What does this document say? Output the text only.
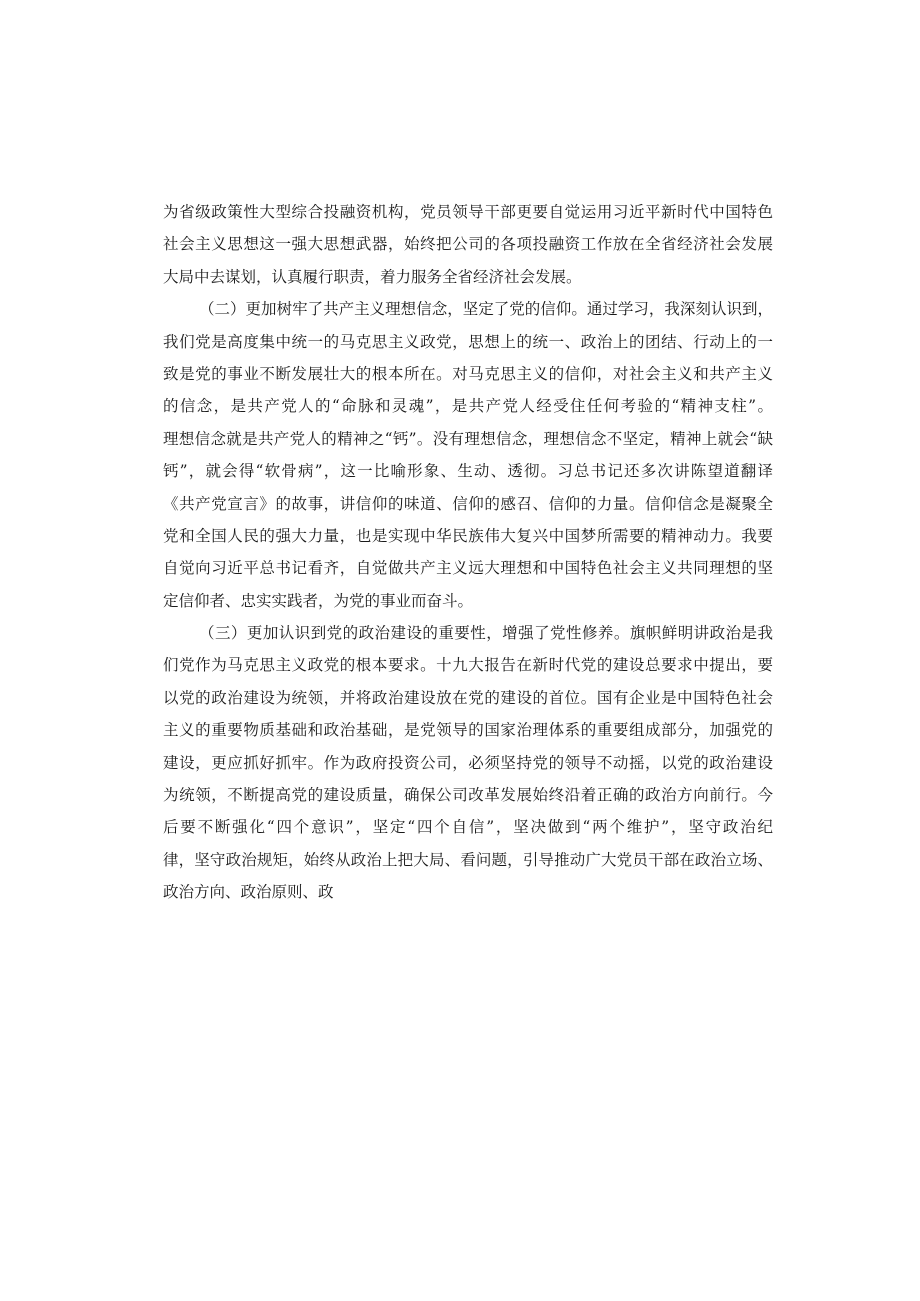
为省级政策性大型综合投融资机构，党员领导干部更要自觉运用习近平新时代中国特色
社会主义思想这一强大思想武器，始终把公司的各项投融资工作放在全省经济社会发展
大局中去谋划，认真履行职责，着力服务全省经济社会发展。
（二）更加树牢了共产主义理想信念，坚定了党的信仰。通过学习，我深刻认识到，
我们党是高度集中统一的马克思主义政党，思想上的统一、政治上的团结、行动上的一
致是党的事业不断发展壮大的根本所在。对马克思主义的信仰，对社会主义和共产主义
的信念，是共产党人的“命脉和灵魂”，是共产党人经受住任何考验的“精神支柱”。
理想信念就是共产党人的精神之“钙”。没有理想信念，理想信念不坚定，精神上就会“缺
钙”，就会得“软骨病”，这一比喻形象、生动、透彻。习总书记还多次讲陈望道翻译
《共产党宣言》的故事，讲信仰的味道、信仰的感召、信仰的力量。信仰信念是凝聚全
党和全国人民的强大力量，也是实现中华民族伟大复兴中国梦所需要的精神动力。我要
自觉向习近平总书记看齐，自觉做共产主义远大理想和中国特色社会主义共同理想的坚
定信仰者、忠实实践者，为党的事业而奋斗。
（三）更加认识到党的政治建设的重要性，增强了党性修养。旗帜鲜明讲政治是我
们党作为马克思主义政党的根本要求。十九大报告在新时代党的建设总要求中提出，要
以党的政治建设为统领，并将政治建设放在党的建设的首位。国有企业是中国特色社会
主义的重要物质基础和政治基础，是党领导的国家治理体系的重要组成部分，加强党的
建设，更应抓好抓牢。作为政府投资公司，必须坚持党的领导不动摇，以党的政治建设
为统领，不断提高党的建设质量，确保公司改革发展始终沿着正确的政治方向前行。今
后要不断强化“四个意识”，坚定“四个自信”，坚决做到“两个维护”，坚守政治纪
律，坚守政治规矩，始终从政治上把大局、看问题，引导推动广大党员干部在政治立场、
政治方向、政治原则、政
